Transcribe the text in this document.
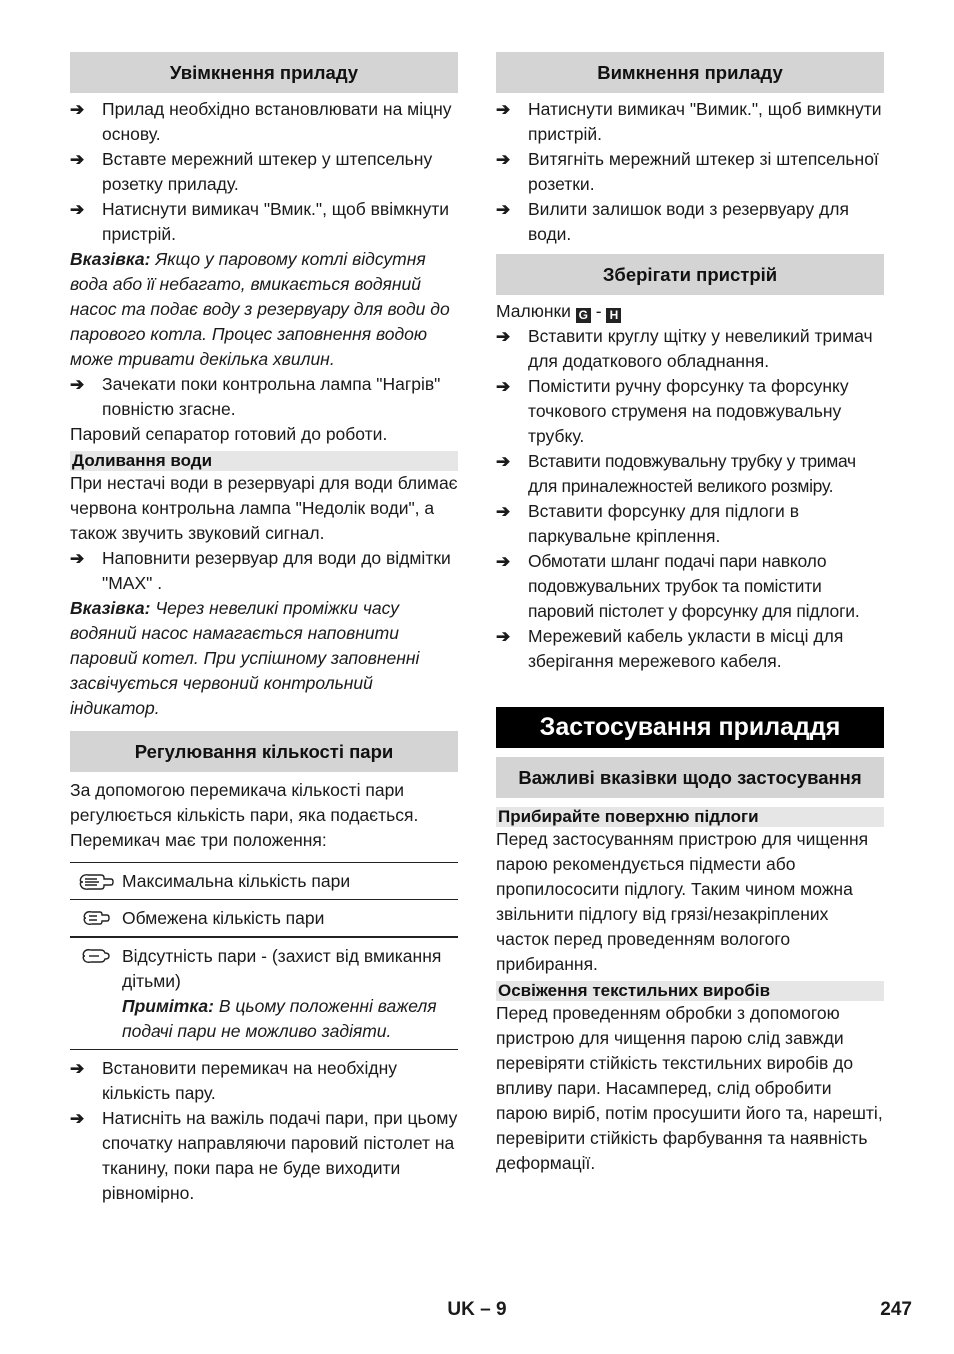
Увімкнення приладу
➔	Прилад необхідно встановлювати на міцну основу.
➔	Вставте мережний штекер у штепсельну розетку приладу.
➔	Натиснути вимикач "Вмик.", щоб ввімкнути пристрій.

Вказівка: Якщо у паровому котлі відсутня вода або її небагато, вмикається водяний насос та подає воду з резервуару для води до парового котла. Процес заповнення водою може тривати декілька хвилин.

➔	Зачекати поки контрольна лампа "Нагрів" повністю згасне.

Паровий сепаратор готовий до роботи.

Доливання води

При нестачі води в резервуарі для води блимає червона контрольна лампа "Недолік води", а також звучить звуковий сигнал.

➔	Наповнити резервуар для води до відмітки "MAX" .

Вказівка: Через невеликі проміжки часу водяний насос намагається наповнити паровий котел. При успішному заповненні засвічується червоний контрольний індикатор.

Регулювання кількості пари

За допомогою перемикача кількості пари регулюється кількість пари, яка подається. Перемикач має три положення:

Максимальна кількість пари
Обмежена кількість пари
Відсутність пари - (захист від вмикання дітьми)
Примітка: В цьому положенні важеля подачі пари не можливо задіяти.
➔	Встановити перемикач на необхідну кількість пару.
➔	Натисніть на важіль подачі пари, при цьому спочатку направляючи паровий пістолет на тканину, поки пара не буде виходити рівномірно.
Вимкнення приладу
➔	Натиснути вимикач "Вимик.", щоб вимкнути пристрій.
➔	Витягніть мережний штекер зі штепсельної розетки.
➔	Вилити залишок води з резервуару для води.
Зберігати пристрій

Малюнки G - H

➔	Вставити круглу щітку у невеликий тримач для додаткового обладнання.
➔	Помістити ручну форсунку та форсунку точкового струменя на подовжувальну трубку.
➔	Вставити подовжувальну трубку у тримач для приналежностей великого розміру.
➔	Вставити форсунку для підлоги в паркувальне кріплення.
➔	Обмотати шланг подачі пари навколо подовжувальних трубок та помістити паровий пістолет у форсунку для підлоги.
➔	Мережевий кабель укласти в місці для зберігання мережевого кабеля.
Застосування приладдя
Важливі вказівки щодо застосування
Прибирайте поверхню підлоги

Перед застосуванням пристрою для чищення парою рекомендується підмести або пропилососити підлогу. Таким чином можна звільнити підлогу від грязі/незакріплених часток перед проведенням вологого прибирання.

Освіження текстильних виробів

Перед проведенням обробки з допомогою пристрою для чищення парою слід завжди перевіряти стійкість текстильних виробів до впливу пари. Насамперед, слід обробити парою виріб, потім просушити його та, нарешті, перевірити стійкість фарбування та наявність деформації.

UK – 9	247
